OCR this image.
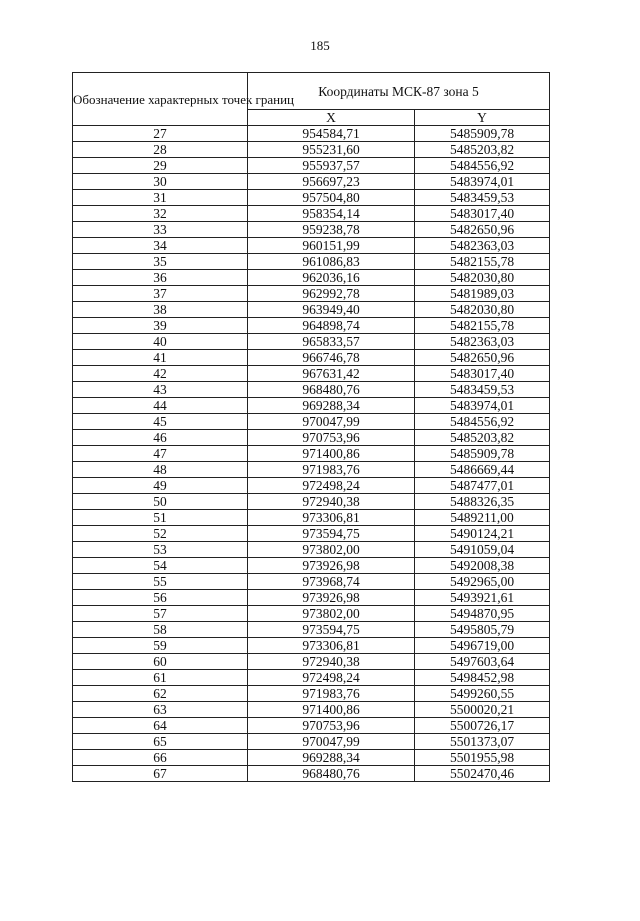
185
Обозначение характерных точек границ	Координаты МСК-87 зона 5	
	X	Y
27	954584,71	5485909,78
28	955231,60	5485203,82
29	955937,57	5484556,92
30	956697,23	5483974,01
31	957504,80	5483459,53
32	958354,14	5483017,40
33	959238,78	5482650,96
34	960151,99	5482363,03
35	961086,83	5482155,78
36	962036,16	5482030,80
37	962992,78	5481989,03
38	963949,40	5482030,80
39	964898,74	5482155,78
40	965833,57	5482363,03
41	966746,78	5482650,96
42	967631,42	5483017,40
43	968480,76	5483459,53
44	969288,34	5483974,01
45	970047,99	5484556,92
46	970753,96	5485203,82
47	971400,86	5485909,78
48	971983,76	5486669,44
49	972498,24	5487477,01
50	972940,38	5488326,35
51	973306,81	5489211,00
52	973594,75	5490124,21
53	973802,00	5491059,04
54	973926,98	5492008,38
55	973968,74	5492965,00
56	973926,98	5493921,61
57	973802,00	5494870,95
58	973594,75	5495805,79
59	973306,81	5496719,00
60	972940,38	5497603,64
61	972498,24	5498452,98
62	971983,76	5499260,55
63	971400,86	5500020,21
64	970753,96	5500726,17
65	970047,99	5501373,07
66	969288,34	5501955,98
67	968480,76	5502470,46
